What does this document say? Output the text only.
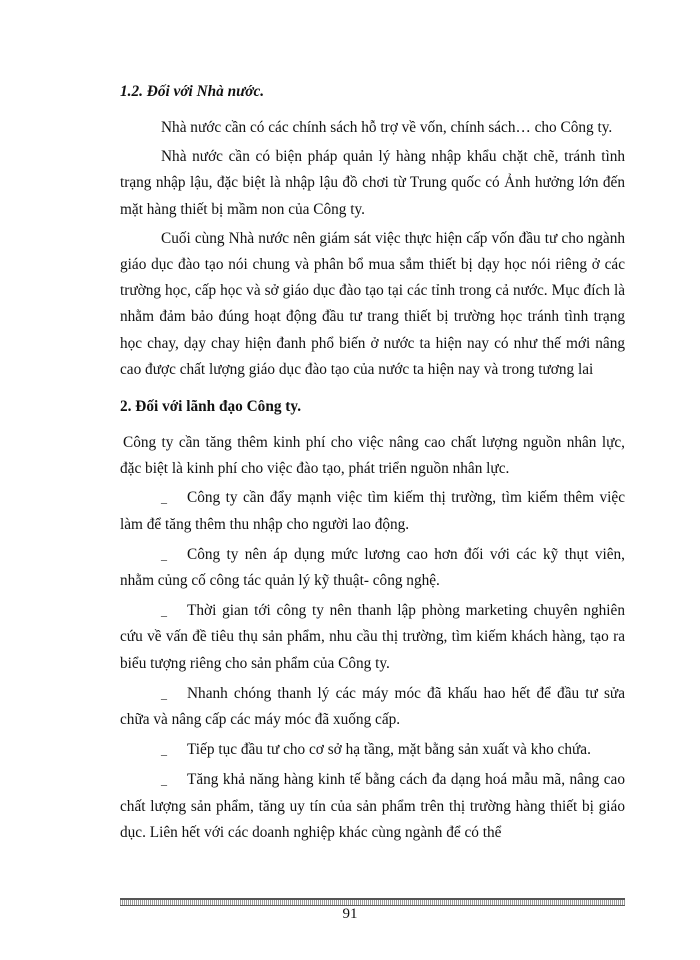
1.2. Đối với Nhà nước.

Nhà nước cần có các chính sách hỗ trợ về vốn, chính sách… cho Công ty.

Nhà nước cần có biện pháp quản lý hàng nhập khẩu chặt chẽ, tránh tình trạng nhập lậu, đặc biệt là nhập lậu đồ chơi từ Trung quốc có Ảnh hưởng lớn đến mặt hàng thiết bị mầm non của Công ty.

Cuối cùng Nhà nước nên giám sát việc thực hiện cấp vốn đầu tư cho ngành giáo dục đào tạo nói chung và phân bổ mua sắm thiết bị dạy học nói riêng ở các trường học, cấp học và sở giáo dục đào tạo tại các tỉnh trong cả nước. Mục đích là nhằm đảm bảo đúng hoạt động đầu tư trang thiết bị trường học tránh tình trạng học chay, dạy chay hiện đanh phổ biến ở nước ta hiện nay có như thế mới nâng cao được chất lượng giáo dục đào tạo của nước ta hiện nay và trong tương lai

2. Đối với lãnh đạo Công ty.

Công ty cần tăng thêm kinh phí cho việc nâng cao chất lượng nguồn nhân lực, đặc biệt là kinh phí cho việc đào tạo, phát triển nguồn nhân lực.

_ Công ty cần đẩy mạnh việc tìm kiếm thị trường, tìm kiếm thêm việc làm để tăng thêm thu nhập cho người lao động.

_ Công ty nên áp dụng mức lương cao hơn đối với các kỹ thụt viên, nhằm củng cố công tác quản lý kỹ thuật- công nghệ.

_ Thời gian tới công ty nên thanh lập phòng marketing chuyên nghiên cứu về vấn đề tiêu thụ sản phẩm, nhu cầu thị trường, tìm kiếm khách hàng, tạo ra biểu tượng riêng cho sản phẩm của Công ty.

_ Nhanh chóng thanh lý các máy móc đã khấu hao hết để đầu tư sửa chữa và nâng cấp các máy móc đã xuống cấp.

_ Tiếp tục đầu tư cho cơ sở hạ tầng, mặt bằng sản xuất và kho chứa.

_ Tăng khả năng hàng kinh tế bằng cách đa dạng hoá mẫu mã, nâng cao chất lượng sản phẩm, tăng uy tín của sản phẩm trên thị trường hàng thiết bị giáo dục. Liên hết với các doanh nghiệp khác cùng ngành để có thể

91
